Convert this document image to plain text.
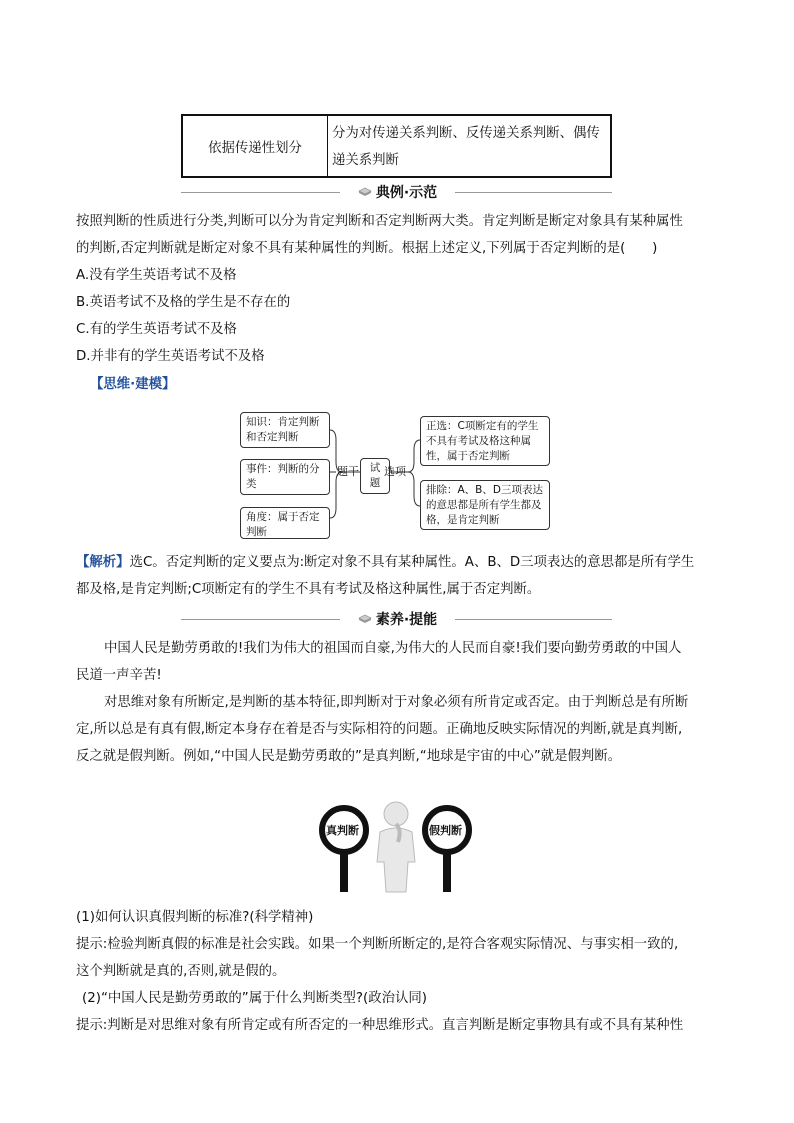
依据传递性划分
分为对传递关系判断、反传递关系判断、偶传
递关系判断
典例·示范
按照判断的性质进行分类,判断可以分为肯定判断和否定判断两大类。肯定判断是断定对象具有某种属性
的判断,否定判断就是断定对象不具有某种属性的判断。根据上述定义,下列属于否定判断的是(　　)
A.没有学生英语考试不及格
B.英语考试不及格的学生是不存在的
C.有的学生英语考试不及格
D.并非有的学生英语考试不及格
【思维·建模】
知识：肯定判断和否定判断
事件：判断的分类
角度：属于否定判断
题干	试题
选项
正选：C项断定有的学生不具有考试及格这种属性，属于否定判断
排除：A、B、D三项表达的意思都是所有学生都及格，是肯定判断
【解析】选C。否定判断的定义要点为:断定对象不具有某种属性。A、B、D三项表达的意思都是所有学生
都及格,是肯定判断;C项断定有的学生不具有考试及格这种属性,属于否定判断。
素养·提能
中国人民是勤劳勇敢的!我们为伟大的祖国而自豪,为伟大的人民而自豪!我们要向勤劳勇敢的中国人
民道一声辛苦!
对思维对象有所断定,是判断的基本特征,即判断对于对象必须有所肯定或否定。由于判断总是有所断
定,所以总是有真有假,断定本身存在着是否与实际相符的问题。正确地反映实际情况的判断,就是真判断,
反之就是假判断。例如,“中国人民是勤劳勇敢的”是真判断,“地球是宇宙的中心”就是假判断。
真判断	假判断
(1)如何认识真假判断的标准?(科学精神)
提示:检验判断真假的标准是社会实践。如果一个判断所断定的,是符合客观实际情况、与事实相一致的,
这个判断就是真的,否则,就是假的。
(2)“中国人民是勤劳勇敢的”属于什么判断类型?(政治认同)
提示:判断是对思维对象有所肯定或有所否定的一种思维形式。直言判断是断定事物具有或不具有某种性
